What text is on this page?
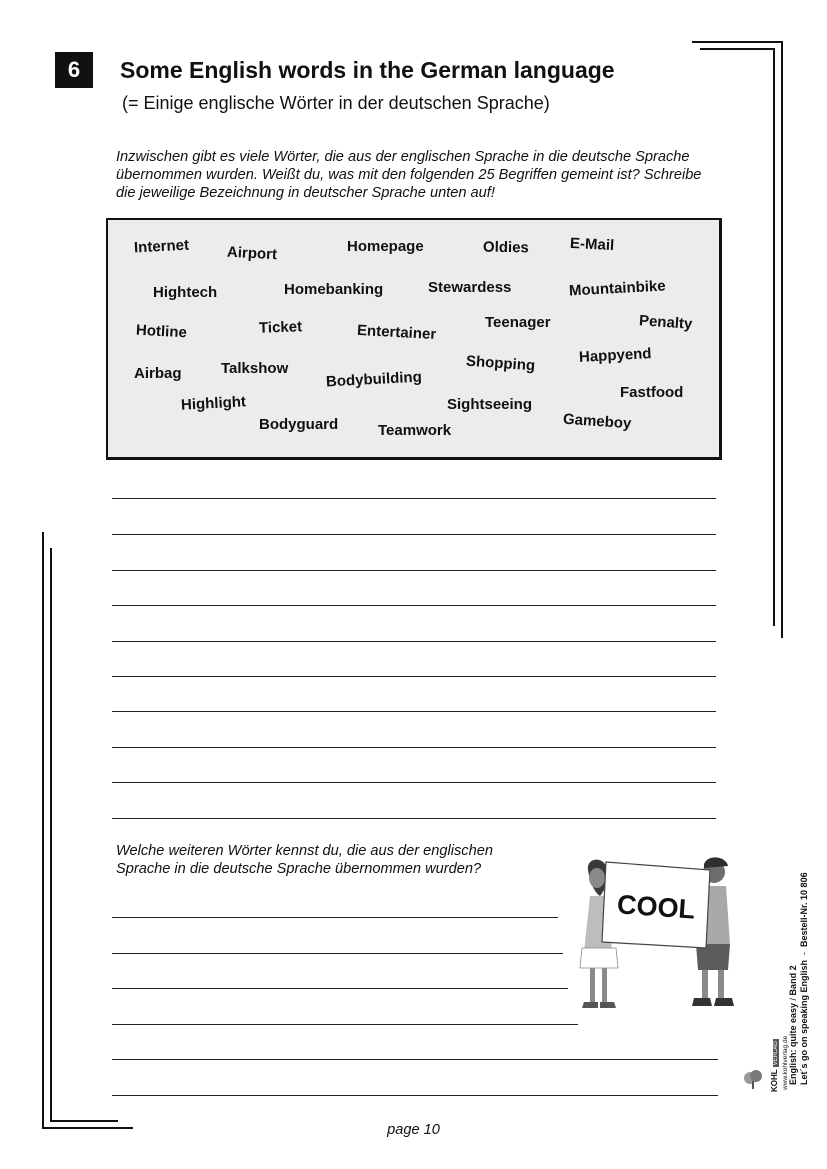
6	Some English words in the German language
(= Einige englische Wörter in der deutschen Sprache)
Inzwischen gibt es viele Wörter, die aus der englischen Sprache in die deutsche Sprache
übernommen wurden. Weißt du, was mit den folgenden 25 Begriffen gemeint ist? Schreibe
die jeweilige Bezeichnung in deutscher Sprache unten auf!
Internet Airport	Homepage	Oldies	E-Mail
Hightech	Homebanking	Stewardess	Mountainbike
Hotline	Ticket	Entertainer	Teenager	Penalty
Airbag	Talkshow
Bodybuilding
Shopping	Happyend
Highlight
Bodyguard	Teamwork
Sightseeing
Gameboy
Fastfood
Welche weiteren Wörter kennst du, die aus der englischen
Sprache in die deutsche Sprache übernommen wurden?
COOL
English: quite easy / Band 2 Let´s go on speaking English  -  Bestell-Nr. 10 806
KOHL VERLAG www.kohlverlag.de
page 10
